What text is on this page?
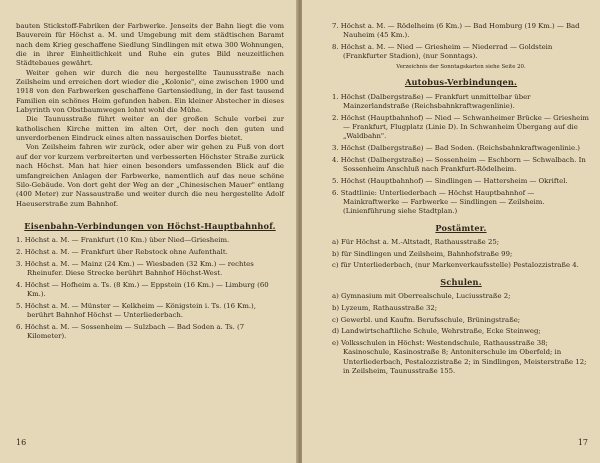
bauten Stickstoff-Fabriken der Farbwerke. Jenseits der Bahn liegt die vom Bauverein für Höchst a. M. und Umgebung mit dem städtischen Baramt nach dem Krieg geschaffene Siedlung Sindlingen mit etwa 300 Wohnungen, die in ihrer Einheitlichkeit und Ruhe ein gutes Bild neuzeitlichen Städtebaues gewährt.

Weiter gehen wir durch die neu hergestellte Taunusstraße nach Zeilsheim und erreichen dort wieder die „Kolonie", eine zwischen 1900 und 1918 von den Farbwerken geschaffene Gartensiedlung, in der fast tausend Familien ein schönes Heim gefunden haben. Ein kleiner Abstecher in dieses Labyrinth von Obstbaumwegen lohnt wohl die Mühe.

Die Taunusstraße führt weiter an der großen Schule vorbei zur katholischen Kirche mitten im alten Ort, der noch den guten und unverdorbenen Eindruck eines alten nassauischen Dorfes bietet.

Von Zeilsheim fahren wir zurück, oder aber wir gehen zu Fuß von dort auf der vor kurzem verbreiterten und verbesserten Höchster Straße zurück nach Höchst. Man hat hier einen besonders umfassenden Blick auf die umfangreichen Anlagen der Farbwerke, namentlich auf das neue schöne Silo-Gebäude. Von dort geht der Weg an der „Chinesischen Mauer" entlang (400 Meter) zur Nassaustraße und weiter durch die neu hergestellte Adolf Haeuserstraße zum Bahnhof.

Eisenbahn-Verbindungen von Höchst-Hauptbahnhof.

1. Höchst a. M. — Frankfurt (10 Km.) über Nied—Griesheim.

2. Höchst a. M. — Frankfurt über Rebstock ohne Aufenthalt.

3. Höchst a. M. — Mainz (24 Km.) — Wiesbaden (32 Km.) — rechtes Rheinufer. Diese Strecke berührt Bahnhof Höchst-West.

4. Höchst — Hofheim a. Ts. (8 Km.) — Eppstein (16 Km.) — Limburg (60 Km.).

5. Höchst a. M. — Münster — Kelkheim — Königstein i. Ts. (16 Km.), berührt Bahnhof Höchst — Unterliederbach.

6. Höchst a. M. — Sossenheim — Sulzbach — Bad Soden a. Ts. (7 Kilometer).

16

7. Höchst a. M. — Rödelheim (6 Km.) — Bad Homburg (19 Km.) — Bad Nauheim (45 Km.).

8. Höchst a. M. — Nied — Griesheim — Niederrad — Goldstein (Frankfurter Stadion), (nur Sonntags).

Verzeichnis der Sonntagskarten siehe Seite 20.

Autobus-Verbindungen.

1. Höchst (Dalbergstraße) — Frankfurt unmittelbar über Mainzerlandstraße (Reichsbahnkraftwagenlinie).

2. Höchst (Hauptbahnhof) — Nied — Schwanheimer Brücke — Griesheim — Frankfurt, Flugplatz (Linie D). In Schwanheim Übergang auf die „Waldbahn".

3. Höchst (Dalbergstraße) — Bad Soden. (Reichsbahnkraftwagenlinie.)

4. Höchst (Dalbergstraße) — Sossenheim — Eschborn — Schwalbach. In Sossenheim Anschluß nach Frankfurt-Rödelheim.

5. Höchst (Hauptbahnhof) — Sindlingen — Hattersheim — Okriftel.

6. Stadtlinie: Unterliederbach — Höchst Hauptbahnhof — Mainkraftwerke — Farbwerke — Sindlingen — Zeilsheim. (Linienführung siehe Stadtplan.)

Postämter.

a) Für Höchst a. M.-Altstadt, Rathausstraße 25;

b) für Sindlingen und Zeilsheim, Bahnhofstraße 99;

c) für Unterliederbach, (nur Markenverkaufsstelle) Pestalozzistraße 4.

Schulen.

a) Gymnasium mit Oberrealschule, Luciusstraße 2;

b) Lyzeum, Rathausstraße 32;

c) Gewerbl. und Kaufm. Berufsschule, Brüningstraße;

d) Landwirtschaftliche Schule, Wehrstraße, Ecke Steinweg;

e) Volksschulen in Höchst: Westendschule, Rathausstraße 38; Kasinoschule, Kasinostraße 8; Antoniterschule im Oberfeld; in Unterliederbach, Pestalozzistraße 2; in Sindlingen, Meisterstraße 12; in Zeilsheim, Taunusstraße 155.

17
